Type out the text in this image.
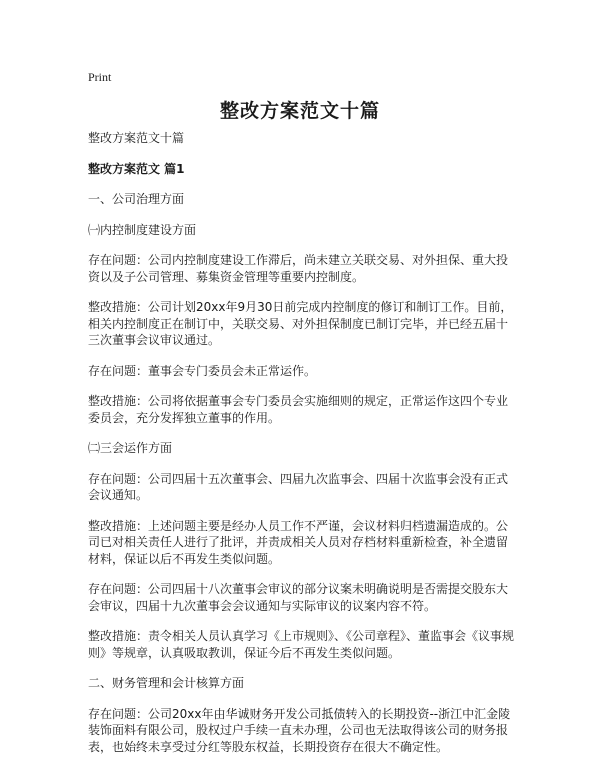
Print
整改方案范文十篇

整改方案范文十篇

整改方案范文 篇1

一、公司治理方面

㈠内控制度建设方面

存在问题：公司内控制度建设工作滞后，尚未建立关联交易、对外担保、重大投资以及子公司管理、募集资金管理等重要内控制度。

整改措施：公司计划20xx年9月30日前完成内控制度的修订和制订工作。目前，相关内控制度正在制订中，关联交易、对外担保制度已制订完毕，并已经五届十三次董事会议审议通过。

存在问题：董事会专门委员会未正常运作。

整改措施：公司将依据董事会专门委员会实施细则的规定，正常运作这四个专业委员会，充分发挥独立董事的作用。

㈡三会运作方面

存在问题：公司四届十五次董事会、四届九次监事会、四届十次监事会没有正式会议通知。

整改措施：上述问题主要是经办人员工作不严谨，会议材料归档遗漏造成的。公司已对相关责任人进行了批评，并责成相关人员对存档材料重新检查，补全遗留材料，保证以后不再发生类似问题。

存在问题：公司四届十八次董事会审议的部分议案未明确说明是否需提交股东大会审议，四届十九次董事会会议通知与实际审议的议案内容不符。

整改措施：责令相关人员认真学习《上市规则》、《公司章程》、董监事会《议事规则》等规章，认真吸取教训，保证今后不再发生类似问题。

二、财务管理和会计核算方面

存在问题：公司20xx年由华诚财务开发公司抵债转入的长期投资--浙江中汇金陵装饰面料有限公司，股权过户手续一直未办理，公司也无法取得该公司的财务报表，也始终未享受过分红等股东权益，长期投资存在很大不确定性。
